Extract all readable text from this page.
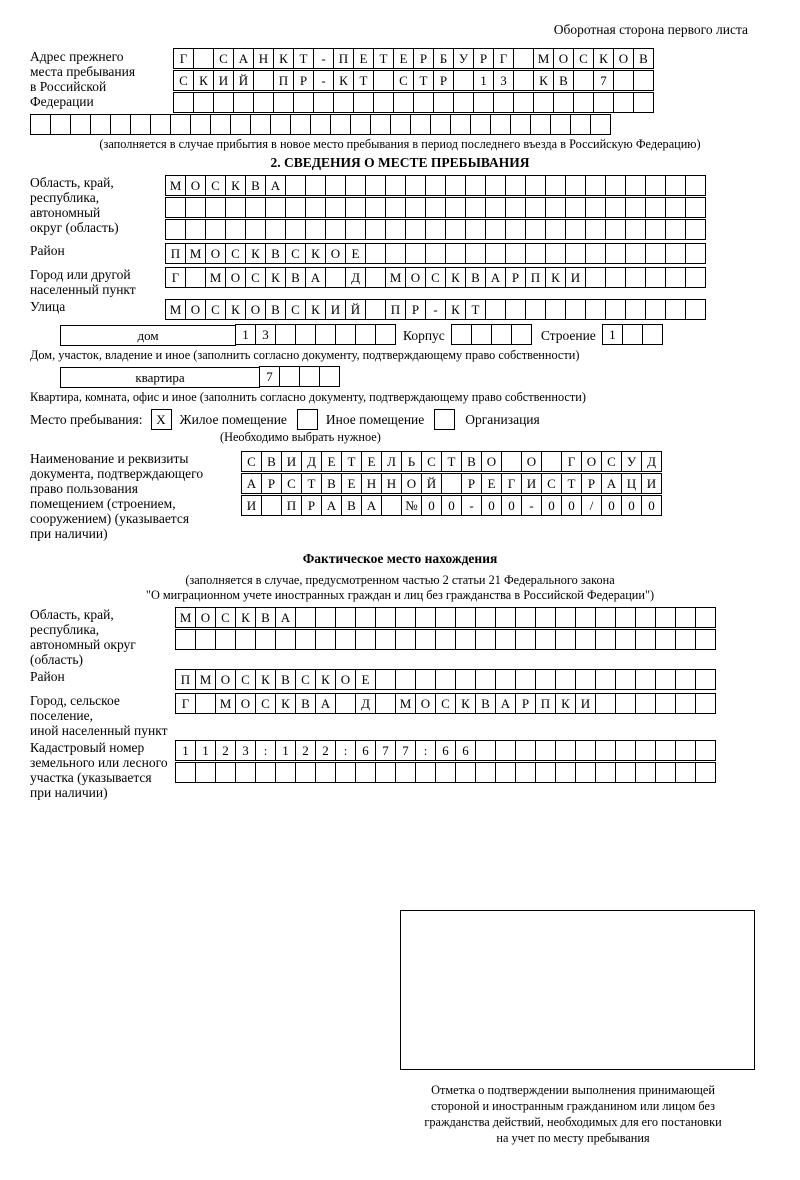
Оборотная сторона первого листа
Адрес прежнего
места пребывания
в Российской
Федерации
Г	С А Н К Т	-	П Е Т Е Р Б У Р Г	М О С К О В
С К И Й	П Р	-	К Т	С Т Р	1	3	К В	7
(заполняется в случае прибытия в новое место пребывания в период последнего въезда в Российскую Федерацию)
2. СВЕДЕНИЯ О МЕСТЕ ПРЕБЫВАНИЯ
Область, край,
республика,
автономный
округ (область)
М О С К В А
Район	П М О С К В С К О Е
Город или другой
населенный пункт
Г	М О С К В А	Д	М О С К В А Р П К И
Улица	М О С К О В С К И Й	П Р	-	К Т
дом	1	3	Корпус	Строение	1
Дом, участок, владение и иное (заполнить согласно документу, подтверждающему право собственности)
квартира	7
Квартира, комната, офис и иное (заполнить согласно документу, подтверждающему право собственности)
Место пребывания:	Х	Жилое помещение	Иное помещение	Организация
(Необходимо выбрать нужное)
Наименование и реквизиты
документа, подтверждающего
право пользования
помещением (строением,
сооружением) (указывается
при наличии)
С В И Д Е Т Е Л Ь С Т В О	О	Г О С У Д
А Р С Т В Е Н Н О Й	Р Е Г И С Т Р А Ц И
И	П Р А В А	№ 0	0	-	0	0	-	0	0	/	0	0	0
Фактическое место нахождения
(заполняется в случае, предусмотренном частью 2 статьи 21 Федерального закона
"О миграционном учете иностранных граждан и лиц без гражданства в Российской Федерации")
Область, край,
республика,
автономный округ
(область)
М О С К В А
Район	П М О С К В С К О Е
Город, сельское поселение,
иной населенный пункт
Г	М О С К В А	Д	М О С К В А Р П К И
Кадастровый номер
земельного или лесного
участка (указывается
при наличии)
1	1	2	3	:	1	2	2	:	6	7	7	:	6	6
Отметка о подтверждении выполнения принимающей
стороной и иностранным гражданином или лицом без
гражданства действий, необходимых для его постановки
на учет по месту пребывания
